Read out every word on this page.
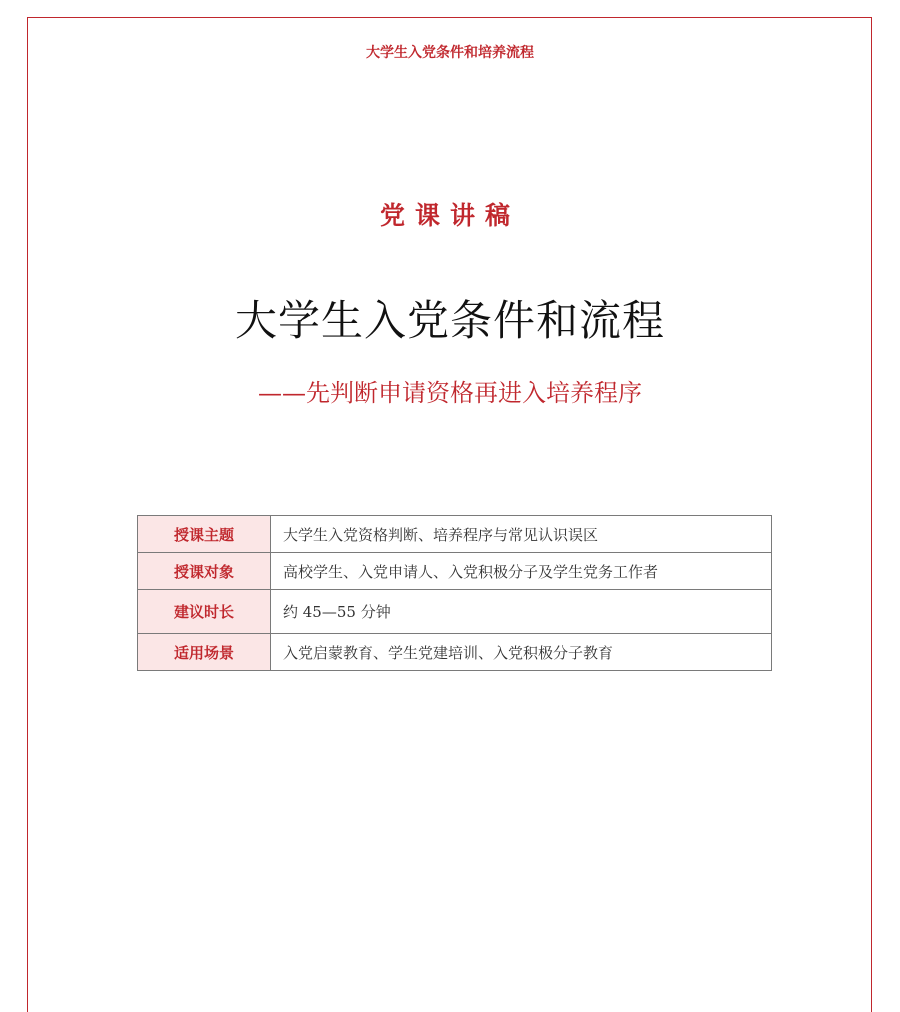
大学生入党条件和培养流程
党课讲稿
大学生入党条件和流程
——先判断申请资格再进入培养程序
授课主题	大学生入党资格判断、培养程序与常见认识误区
授课对象	高校学生、入党申请人、入党积极分子及学生党务工作者
建议时长	约 45—55 分钟
适用场景	入党启蒙教育、学生党建培训、入党积极分子教育
